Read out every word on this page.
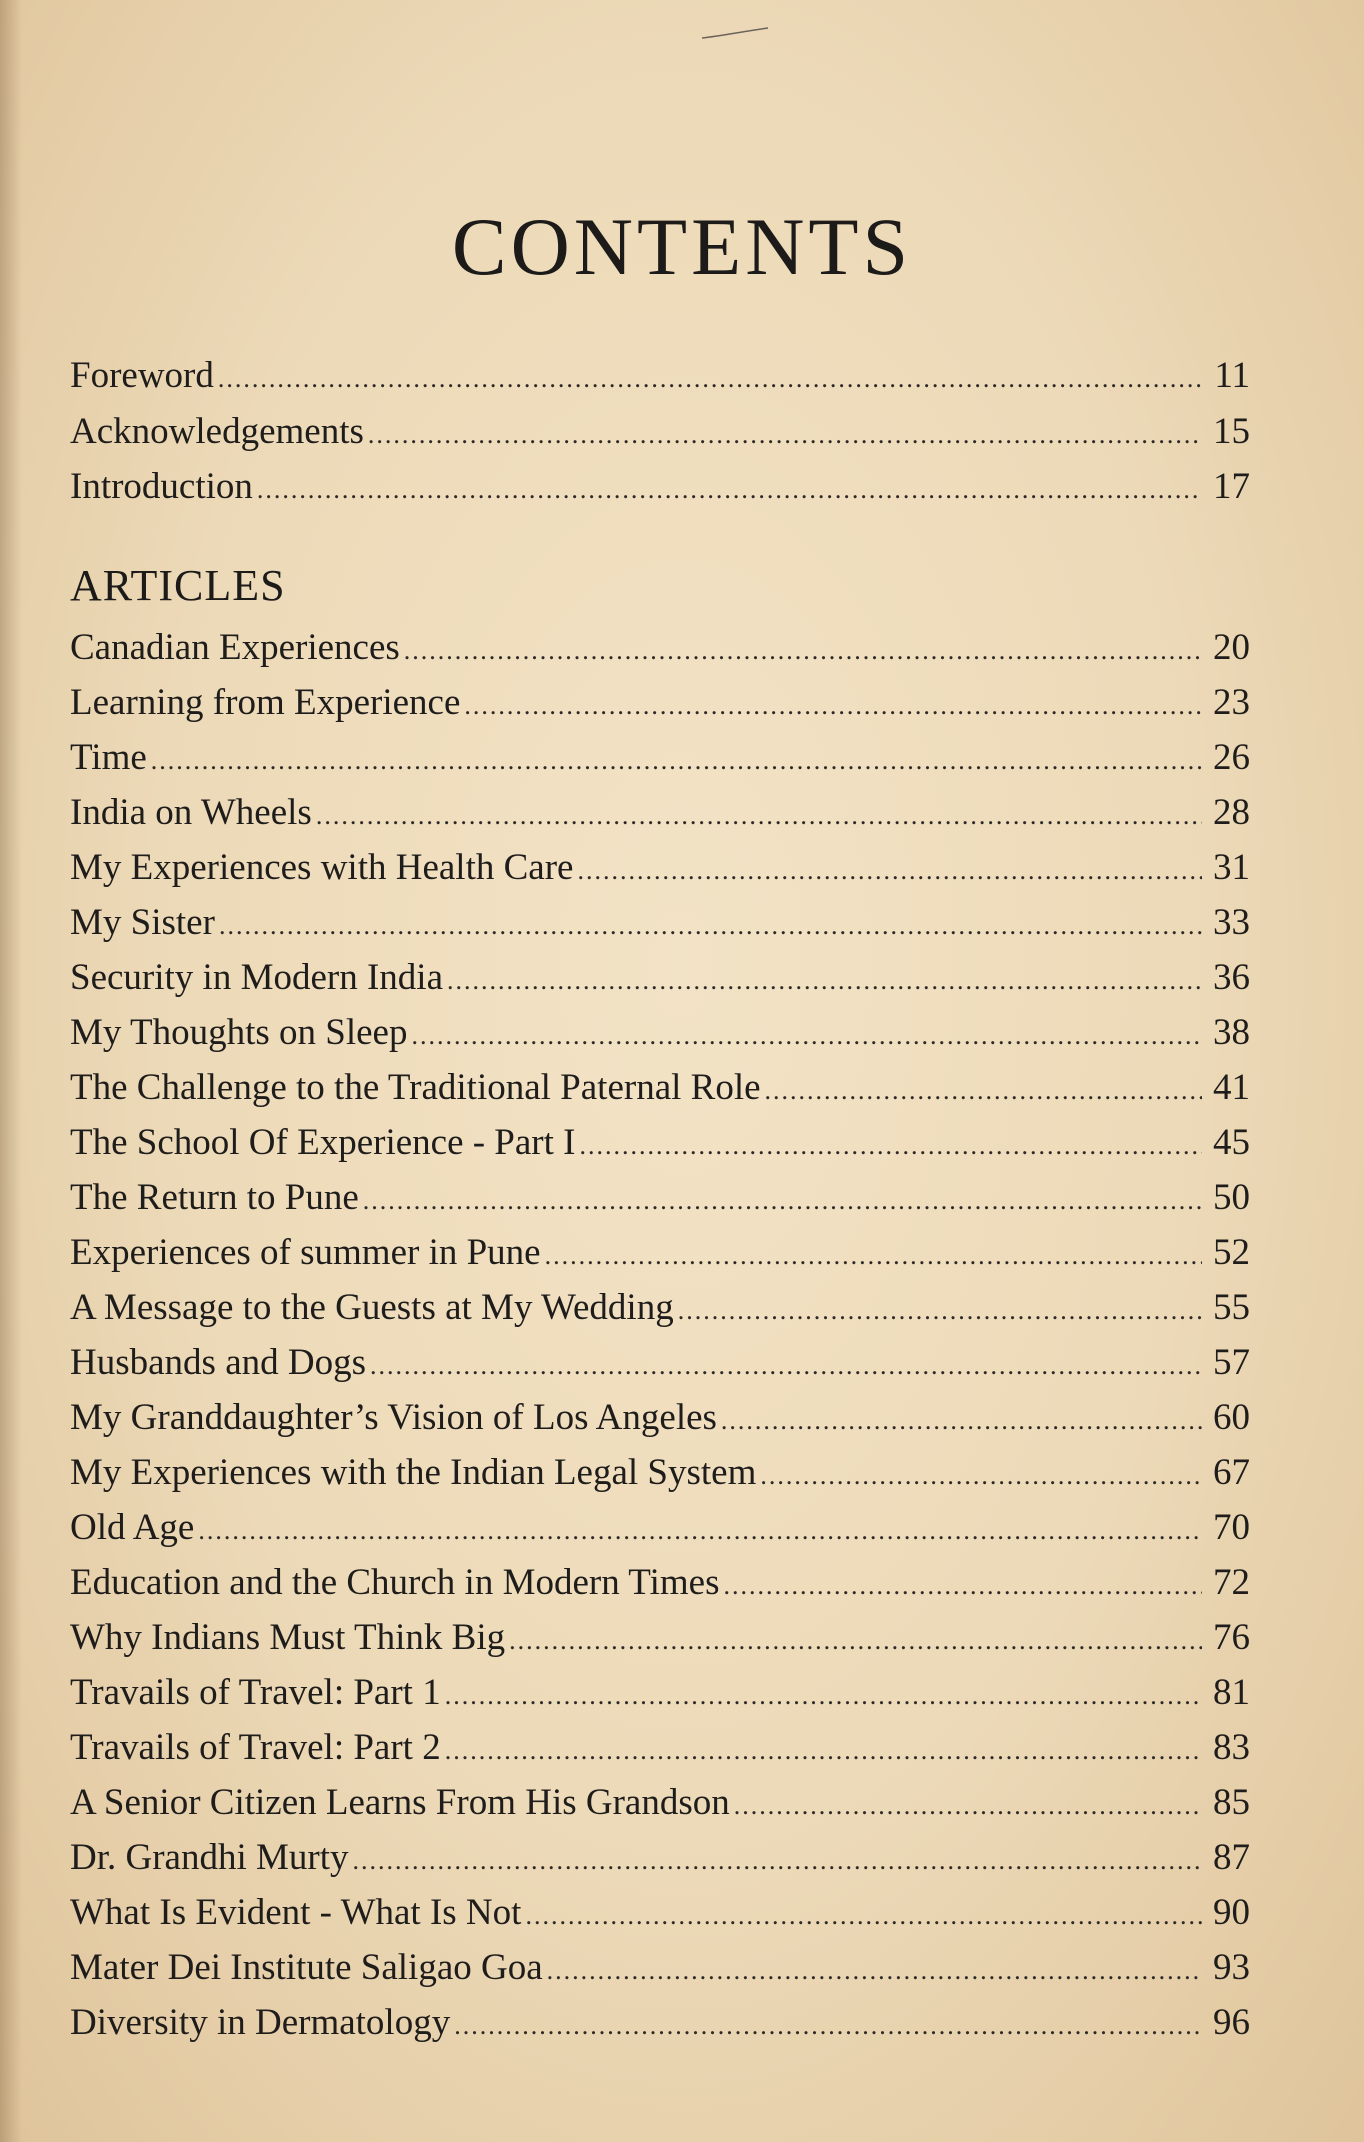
CONTENTS
Foreword .....	11
Acknowledgements .....	15
Introduction .....	17
ARTICLES
Canadian Experiences .....	20
Learning from Experience .....	23
Time .....	26
India on Wheels .....	28
My Experiences with Health Care .....	31
My Sister .....	33
Security in Modern India .....	36
My Thoughts on Sleep .....	38
The Challenge to the Traditional Paternal Role .....	41
The School Of Experience - Part I .....	45
The Return to Pune .....	50
Experiences of summer in Pune .....	52
A Message to the Guests at My Wedding .....	55
Husbands and Dogs .....	57
My Granddaughter’s Vision of Los Angeles .....	60
My Experiences with the Indian Legal System .....	67
Old Age .....	70
Education and the Church in Modern Times .....	72
Why Indians Must Think Big .....	76
Travails of Travel: Part 1 .....	81
Travails of Travel: Part 2 .....	83
A Senior Citizen Learns From His Grandson .....	85
Dr. Grandhi Murty .....	87
What Is Evident - What Is Not .....	90
Mater Dei Institute Saligao Goa .....	93
Diversity in Dermatology .....	96
